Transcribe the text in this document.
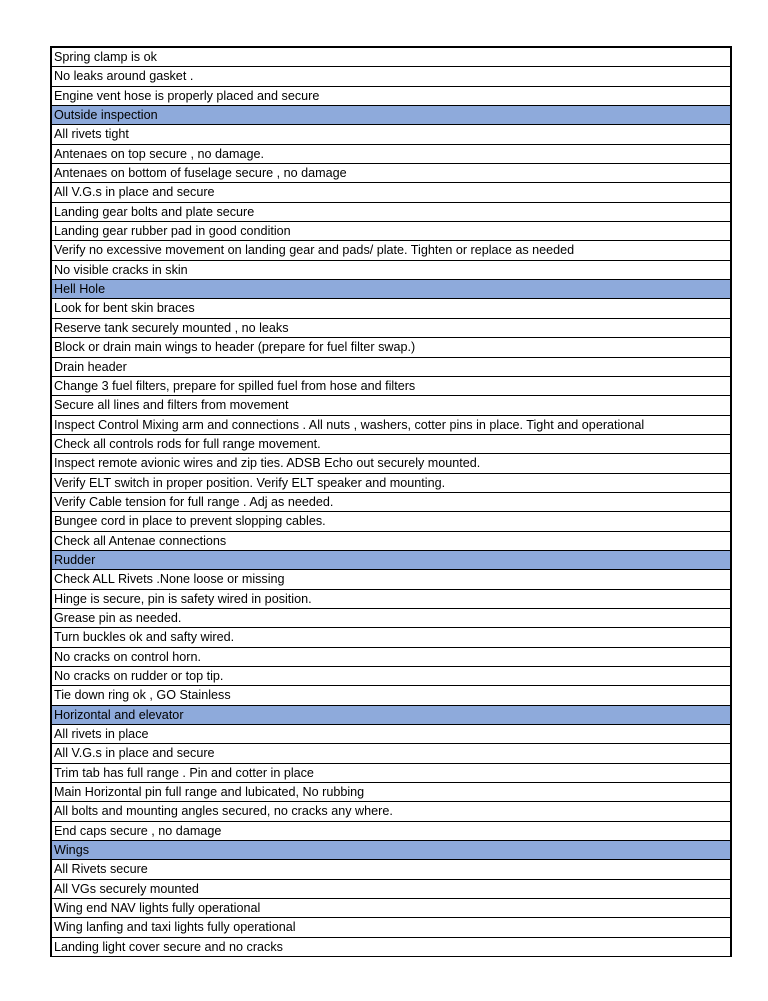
Spring clamp is ok
No leaks around gasket .
Engine vent hose is properly placed and secure
Outside inspection
All rivets tight
Antenaes on top secure , no damage.
Antenaes on bottom of fuselage secure , no damage
All V.G.s in place and secure
Landing gear bolts and plate secure
Landing gear rubber pad in good condition
Verify no excessive movement on landing gear and pads/ plate. Tighten or replace as needed
No visible cracks in skin
Hell Hole
Look for bent skin braces
Reserve tank securely mounted , no leaks
Block or drain main wings to header (prepare for fuel filter swap.)
Drain header
Change 3 fuel filters, prepare for spilled fuel from hose and filters
Secure all lines and filters from movement
Inspect Control Mixing arm and connections . All nuts , washers, cotter pins in place. Tight and operational
Check all controls rods for full range movement.
Inspect remote avionic wires and zip ties. ADSB Echo out securely mounted.
Verify ELT switch in proper position. Verify ELT speaker and mounting.
Verify Cable tension for full range . Adj as needed.
Bungee cord in place to prevent slopping cables.
Check all Antenae connections
Rudder
Check ALL Rivets .None loose or missing
Hinge is secure, pin is safety wired in position.
Grease pin as needed.
Turn buckles ok and safty wired.
No cracks on control horn.
No cracks on rudder or top tip.
Tie down ring ok , GO Stainless
Horizontal and elevator
All rivets in place
All V.G.s in place and secure
Trim tab has full range . Pin and cotter in place
Main Horizontal pin full range and lubicated, No rubbing
All bolts and mounting angles secured, no cracks any where.
End caps secure , no damage
Wings
All Rivets secure
All VGs securely mounted
Wing end NAV lights fully operational
Wing lanfing and taxi lights fully operational
Landing light cover secure and no cracks
